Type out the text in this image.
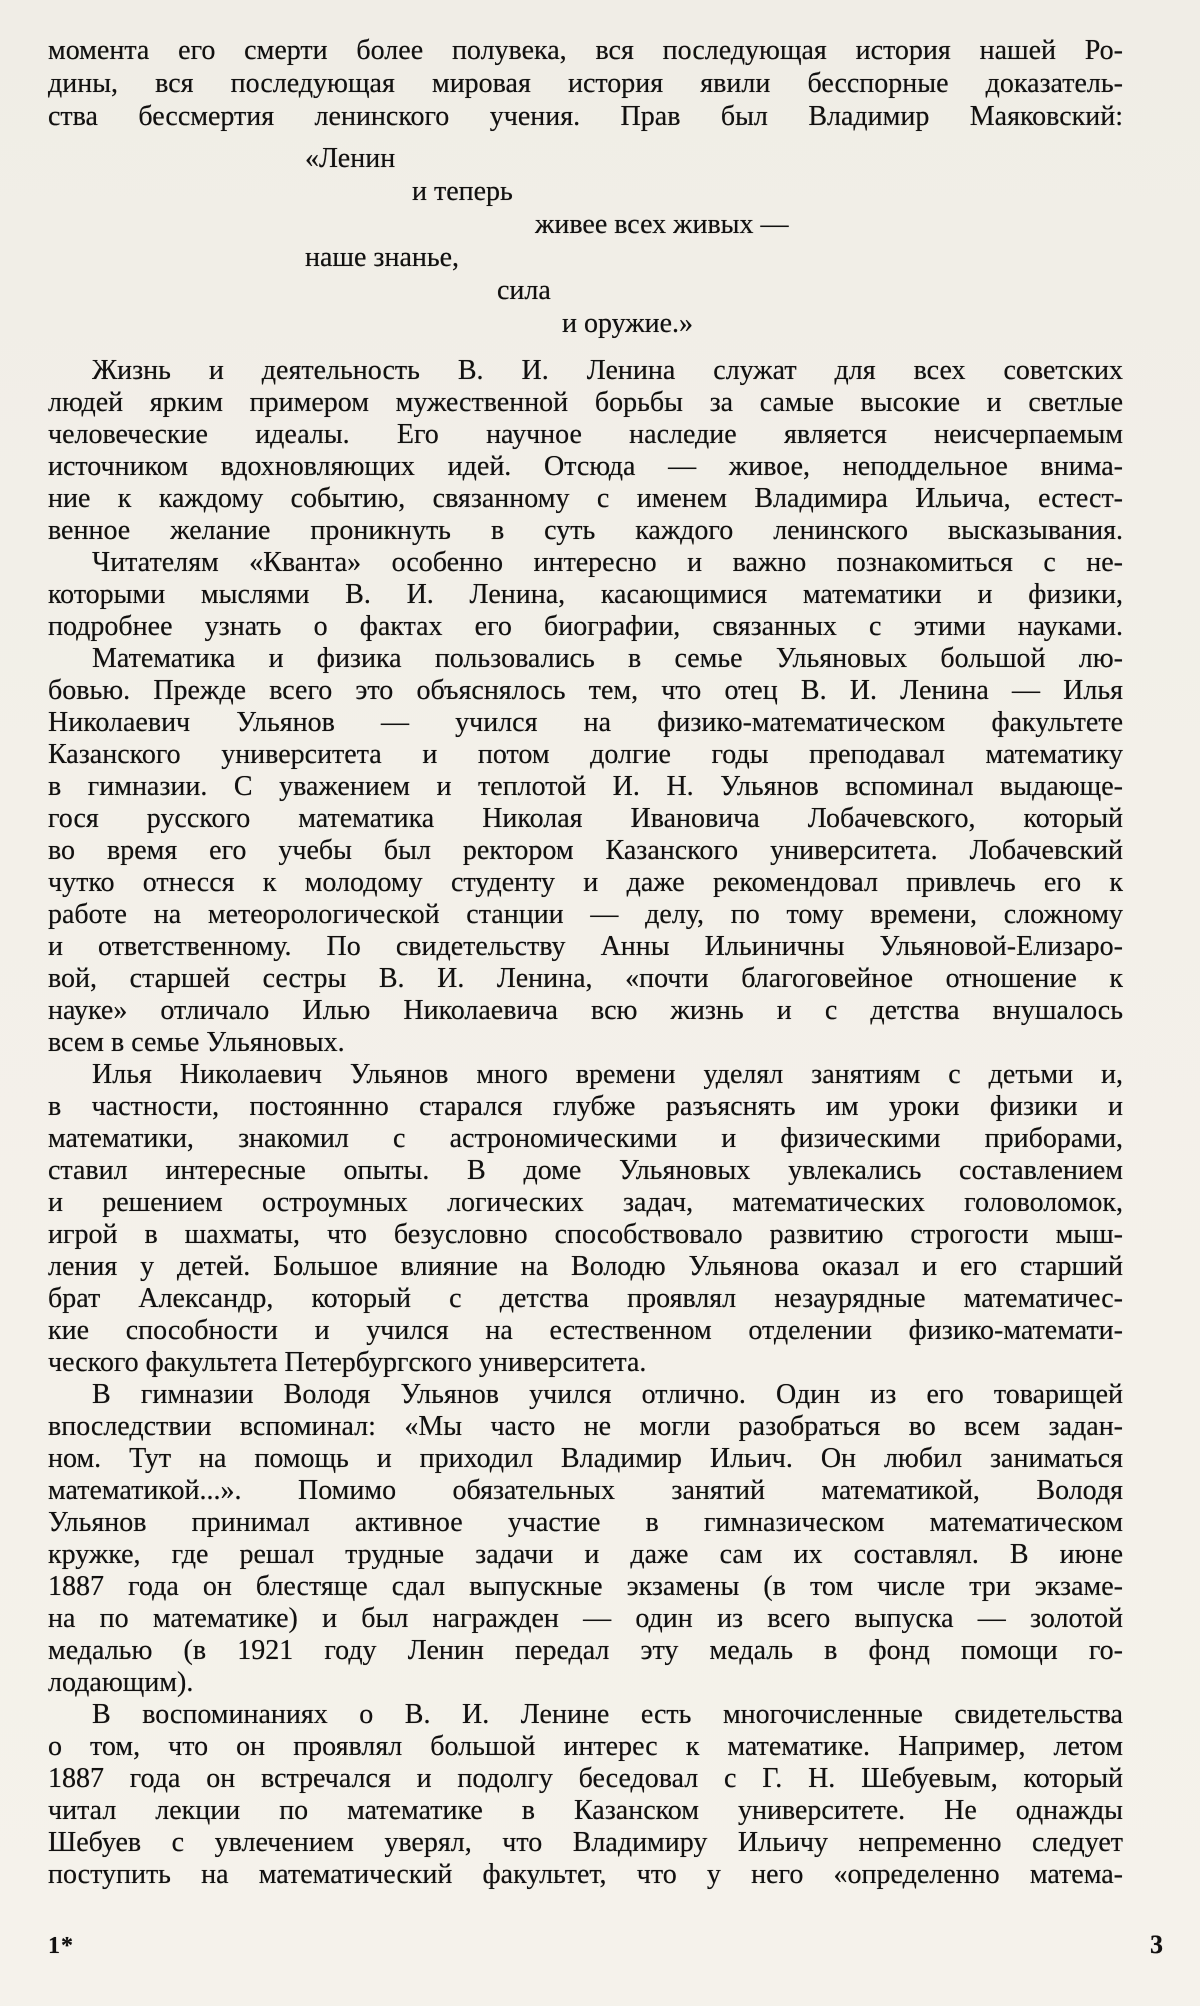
момента его смерти более полувека, вся последующая история нашей Ро-
дины, вся последующая мировая история явили бесспорные доказатель-
ства бессмертия ленинского учения. Прав был Владимир Маяковский:
«Ленин
и теперь
живее всех живых —
наше знанье,
сила
и оружие.»
Жизнь и деятельность В. И. Ленина служат для всех советских
людей ярким примером мужественной борьбы за самые высокие и светлые
человеческие идеалы. Его научное наследие является неисчерпаемым
источником вдохновляющих идей. Отсюда — живое, неподдельное внима-
ние к каждому событию, связанному с именем Владимира Ильича, естест-
венное желание проникнуть в суть каждого ленинского высказывания.
Читателям «Кванта» особенно интересно и важно познакомиться с не-
которыми мыслями В. И. Ленина, касающимися математики и физики,
подробнее узнать о фактах его биографии, связанных с этими науками.
Математика и физика пользовались в семье Ульяновых большой лю-
бовью. Прежде всего это объяснялось тем, что отец В. И. Ленина — Илья
Николаевич Ульянов — учился на физико-математическом факультете
Казанского университета и потом долгие годы преподавал математику
в гимназии. С уважением и теплотой И. Н. Ульянов вспоминал выдающе-
гося русского математика Николая Ивановича Лобачевского, который
во время его учебы был ректором Казанского университета. Лобачевский
чутко отнесся к молодому студенту и даже рекомендовал привлечь его к
работе на метеорологической станции — делу, по тому времени, сложному
и ответственному. По свидетельству Анны Ильиничны Ульяновой-Елизаро-
вой, старшей сестры В. И. Ленина, «почти благоговейное отношение к
науке» отличало Илью Николаевича всю жизнь и с детства внушалось
всем в семье Ульяновых.
Илья Николаевич Ульянов много времени уделял занятиям с детьми и,
в частности, постояннно старался глубже разъяснять им уроки физики и
математики, знакомил с астрономическими и физическими приборами,
ставил интересные опыты. В доме Ульяновых увлекались составлением
и решением остроумных логических задач, математических головоломок,
игрой в шахматы, что безусловно способствовало развитию строгости мыш-
ления у детей. Большое влияние на Володю Ульянова оказал и его старший
брат Александр, который с детства проявлял незаурядные математичес-
кие способности и учился на естественном отделении физико-математи-
ческого факультета Петербургского университета.
В гимназии Володя Ульянов учился отлично. Один из его товарищей
впоследствии вспоминал: «Мы часто не могли разобраться во всем задан-
ном. Тут на помощь и приходил Владимир Ильич. Он любил заниматься
математикой...». Помимо обязательных занятий математикой, Володя
Ульянов принимал активное участие в гимназическом математическом
кружке, где решал трудные задачи и даже сам их составлял. В июне
1887 года он блестяще сдал выпускные экзамены (в том числе три экзаме-
на по математике) и был награжден — один из всего выпуска — золотой
медалью (в 1921 году Ленин передал эту медаль в фонд помощи го-
лодающим).
В воспоминаниях о В. И. Ленине есть многочисленные свидетельства
о том, что он проявлял большой интерес к математике. Например, летом
1887 года он встречался и подолгу беседовал с Г. Н. Шебуевым, который
читал лекции по математике в Казанском университете. Не однажды
Шебуев с увлечением уверял, что Владимиру Ильичу непременно следует
поступить на математический факультет, что у него «определенно матема-
1*	3
